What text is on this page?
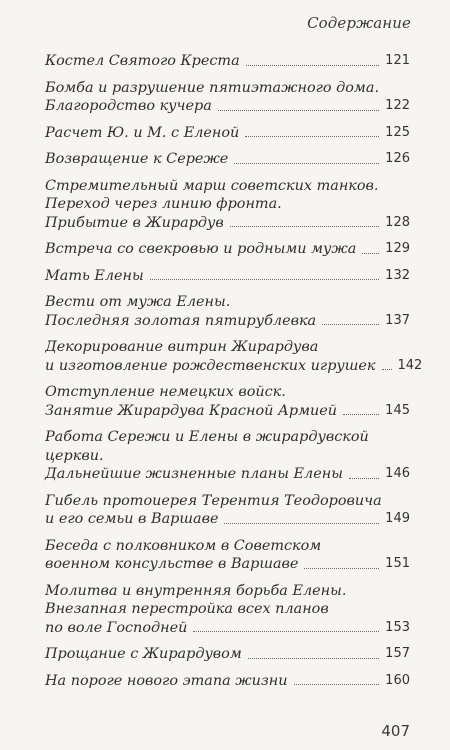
Содержание
Костел Святого Креста	121
Бомба и разрушение пятиэтажного дома.
Благородство кучера	122
Расчет Ю. и М. с Еленой	125
Возвращение к Сереже	126
Стремительный марш советских танков.
Переход через линию фронта.
Прибытие в Жирардув	128
Встреча со свекровью и родными мужа 129
Мать Елены	132
Вести от мужа Елены.
Последняя золотая пятирублевка	137
Декорирование витрин Жирардува
и изготовление рождественских игрушек 142
Отступление немецких войск.
Занятие Жирардува Красной Армией	145
Работа Сережи и Елены в жирардувской
церкви.
Дальнейшие жизненные планы Елены	146
Гибель протоиерея Терентия Теодоровича
и его семьи в Варшаве	149
Беседа с полковником в Советском
военном консульстве в Варшаве	151
Молитва и внутренняя борьба Елены.
Внезапная перестройка всех планов
по воле Господней	153
Прощание с Жирардувом	157
На пороге нового этапа жизни	160
407
